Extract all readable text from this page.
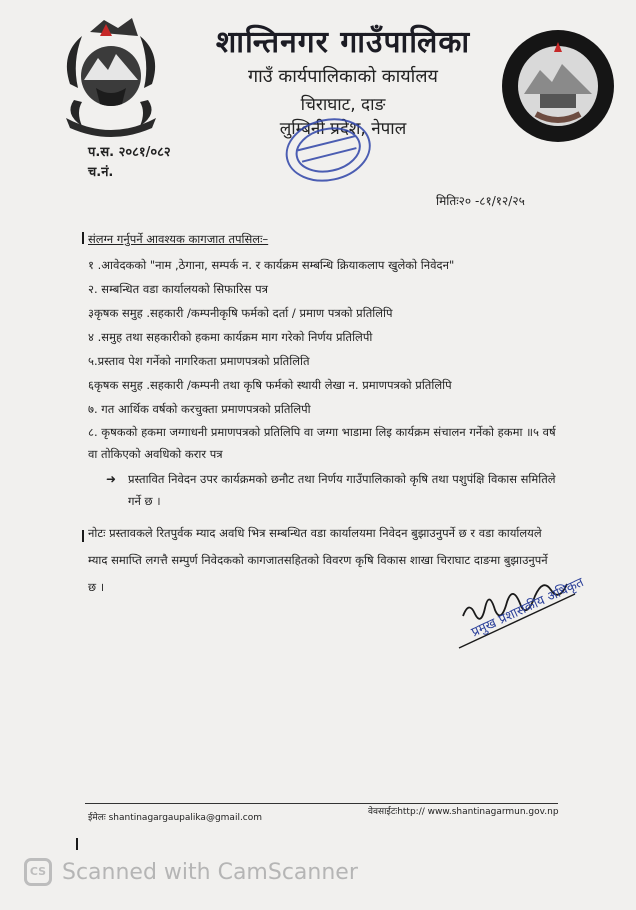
शान्तिनगर गाउँपालिका
गाउँ कार्यपालिकाको कार्यालय
चिराघाट, दाङ
लुम्बिनी प्रदेश, नेपाल
प.स. २०८१/०८२
च.नं.
मितिः२० -८१/१२/२५
संलग्न गर्नुपर्ने आवश्यक कागजात तपसिलः–
१ .आवेदकको "नाम ,ठेगाना, सम्पर्क न. र कार्यक्रम सम्बन्धि क्रियाकलाप खुलेको निवेदन"
२. सम्बन्धित वडा कार्यालयको सिफारिस पत्र
३कृषक समुह .सहकारी /कम्पनीकृषि फर्मको दर्ता / प्रमाण पत्रको प्रतिलिपि
४ .समुह तथा सहकारीको हकमा कार्यक्रम माग गरेको निर्णय प्रतिलिपी
५.प्रस्ताव पेश गर्नेको नागरिकता प्रमाणपत्रको प्रतिलिति
६कृषक समुह .सहकारी /कम्पनी तथा कृषि फर्मको स्थायी लेखा न. प्रमाणपत्रको प्रतिलिपि
७. गत आर्थिक वर्षको करचुक्ता प्रमाणपत्रको प्रतिलिपी
८. कृषकको हकमा जग्गाधनी प्रमाणपत्रको प्रतिलिपि वा जग्गा भाडामा लिइ कार्यक्रम संचालन गर्नेको हकमा ॥५ वर्ष वा तोकिएको अवधिको करार पत्र
➜ प्रस्तावित निवेदन उपर कार्यक्रमको छनौट तथा निर्णय गाउँपालिकाको कृषि तथा पशुपंक्षि विकास समितिले गर्ने छ ।
नोटः प्रस्तावकले रितपुर्वक म्याद अवधि भित्र सम्बन्धित वडा कार्यालयमा निवेदन बुझाउनुपर्ने छ र वडा कार्यालयले म्याद समाप्ति लगत्तै सम्पुर्ण निवेदकको कागजातसहितको विवरण कृषि विकास शाखा चिराघाट दाङमा बुझाउनुपर्ने छ ।	प्रमुख प्रशासकीय अधिकृत
ईमेलः shantinagargaupalika@gmail.com
वेवसाईटःhttp:// www.shantinagarmun.gov.np
CS Scanned with CamScanner
